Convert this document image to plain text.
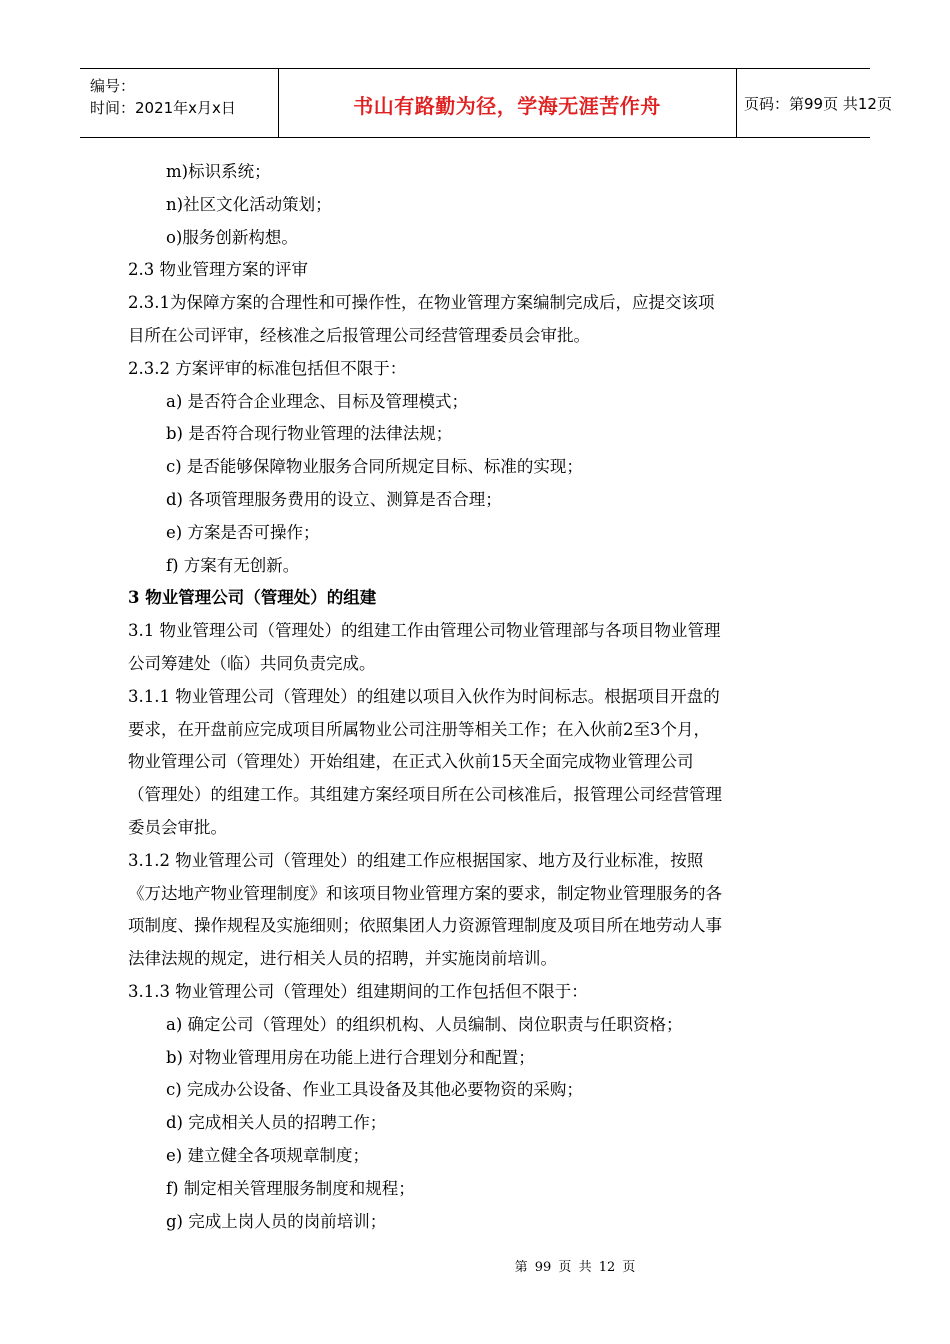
编号：
时间：2021年x月x日	书山有路勤为径，学海无涯苦作舟	页码：第99页 共12页
m)标识系统；
n)社区文化活动策划；
o)服务创新构想。
2.3 物业管理方案的评审
2.3.1为保障方案的合理性和可操作性，在物业管理方案编制完成后，应提交该项
目所在公司评审，经核准之后报管理公司经营管理委员会审批。
2.3.2 方案评审的标准包括但不限于：
a) 是否符合企业理念、目标及管理模式；
b) 是否符合现行物业管理的法律法规；
c) 是否能够保障物业服务合同所规定目标、标准的实现；
d) 各项管理服务费用的设立、测算是否合理；
e) 方案是否可操作；
f) 方案有无创新。
3 物业管理公司（管理处）的组建
3.1 物业管理公司（管理处）的组建工作由管理公司物业管理部与各项目物业管理
公司筹建处（临）共同负责完成。
3.1.1 物业管理公司（管理处）的组建以项目入伙作为时间标志。根据项目开盘的
要求，在开盘前应完成项目所属物业公司注册等相关工作；在入伙前2至3个月，
物业管理公司（管理处）开始组建，在正式入伙前15天全面完成物业管理公司
（管理处）的组建工作。其组建方案经项目所在公司核准后，报管理公司经营管理
委员会审批。
3.1.2 物业管理公司（管理处）的组建工作应根据国家、地方及行业标准，按照
《万达地产物业管理制度》和该项目物业管理方案的要求，制定物业管理服务的各
项制度、操作规程及实施细则；依照集团人力资源管理制度及项目所在地劳动人事
法律法规的规定，进行相关人员的招聘，并实施岗前培训。
3.1.3 物业管理公司（管理处）组建期间的工作包括但不限于：
a) 确定公司（管理处）的组织机构、人员编制、岗位职责与任职资格；
b) 对物业管理用房在功能上进行合理划分和配置；
c) 完成办公设备、作业工具设备及其他必要物资的采购；
d) 完成相关人员的招聘工作；
e) 建立健全各项规章制度；
f) 制定相关管理服务制度和规程；
g) 完成上岗人员的岗前培训；
第 99 页 共 12 页
